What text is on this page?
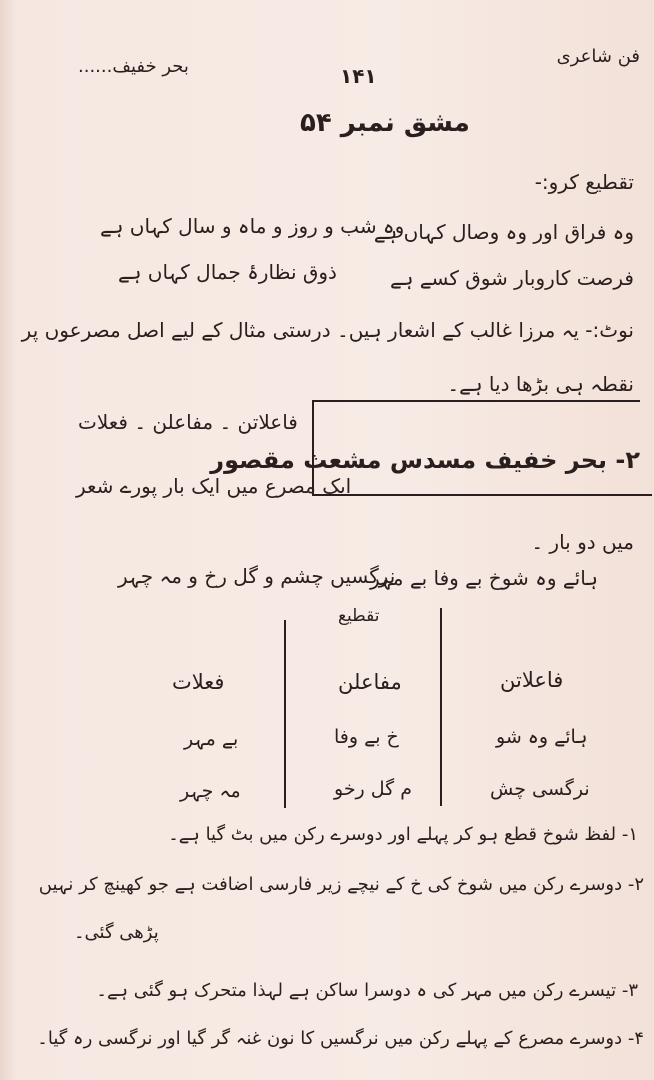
فن شاعری
بحر خفیف......	۱۴۱
مشق نمبر ۵۴
تقطیع کرو:-
وہ فراق اور وہ وصال کہاں ہے
وہ شب و روز و ماہ و سال کہاں ہے
فرصت کاروبار شوق کسے ہے
ذوق نظارۂ جمال کہاں ہے
نوٹ:- یہ مرزا غالب کے اشعار ہیں۔ درستی مثال کے لیے اصل مصرعوں پر
نقطہ ہی بڑھا دیا ہے۔
۲- بحر خفیف مسدس مشعث مقصور
فاعلاتن ۔ مفاعلن ۔ فعلات
ایک مصرع میں ایک بار پورے شعر
میں دو بار ۔
ہائے وہ شوخ بے وفا بے مہر
نرگسیں چشم و گل رخ و مہ چہر
تقطیع
فاعلاتن
مفاعلن
فعلات
ہائے وہ شو
خ بے وفا
بے مہر
نرگسی چش
م گل رخو
مہ چہر
۱- لفظ شوخ قطع ہو کر پہلے اور دوسرے رکن میں بٹ گیا ہے۔
۲- دوسرے رکن میں شوخ کی خ کے نیچے زیر فارسی اضافت ہے جو کھینچ کر نہیں
پڑھی گئی۔
۳- تیسرے رکن میں مہر کی ہ دوسرا ساکن ہے لہذا متحرک ہو گئی ہے۔
۴- دوسرے مصرع کے پہلے رکن میں نرگسیں کا نون غنہ گر گیا اور نرگسی رہ گیا۔
